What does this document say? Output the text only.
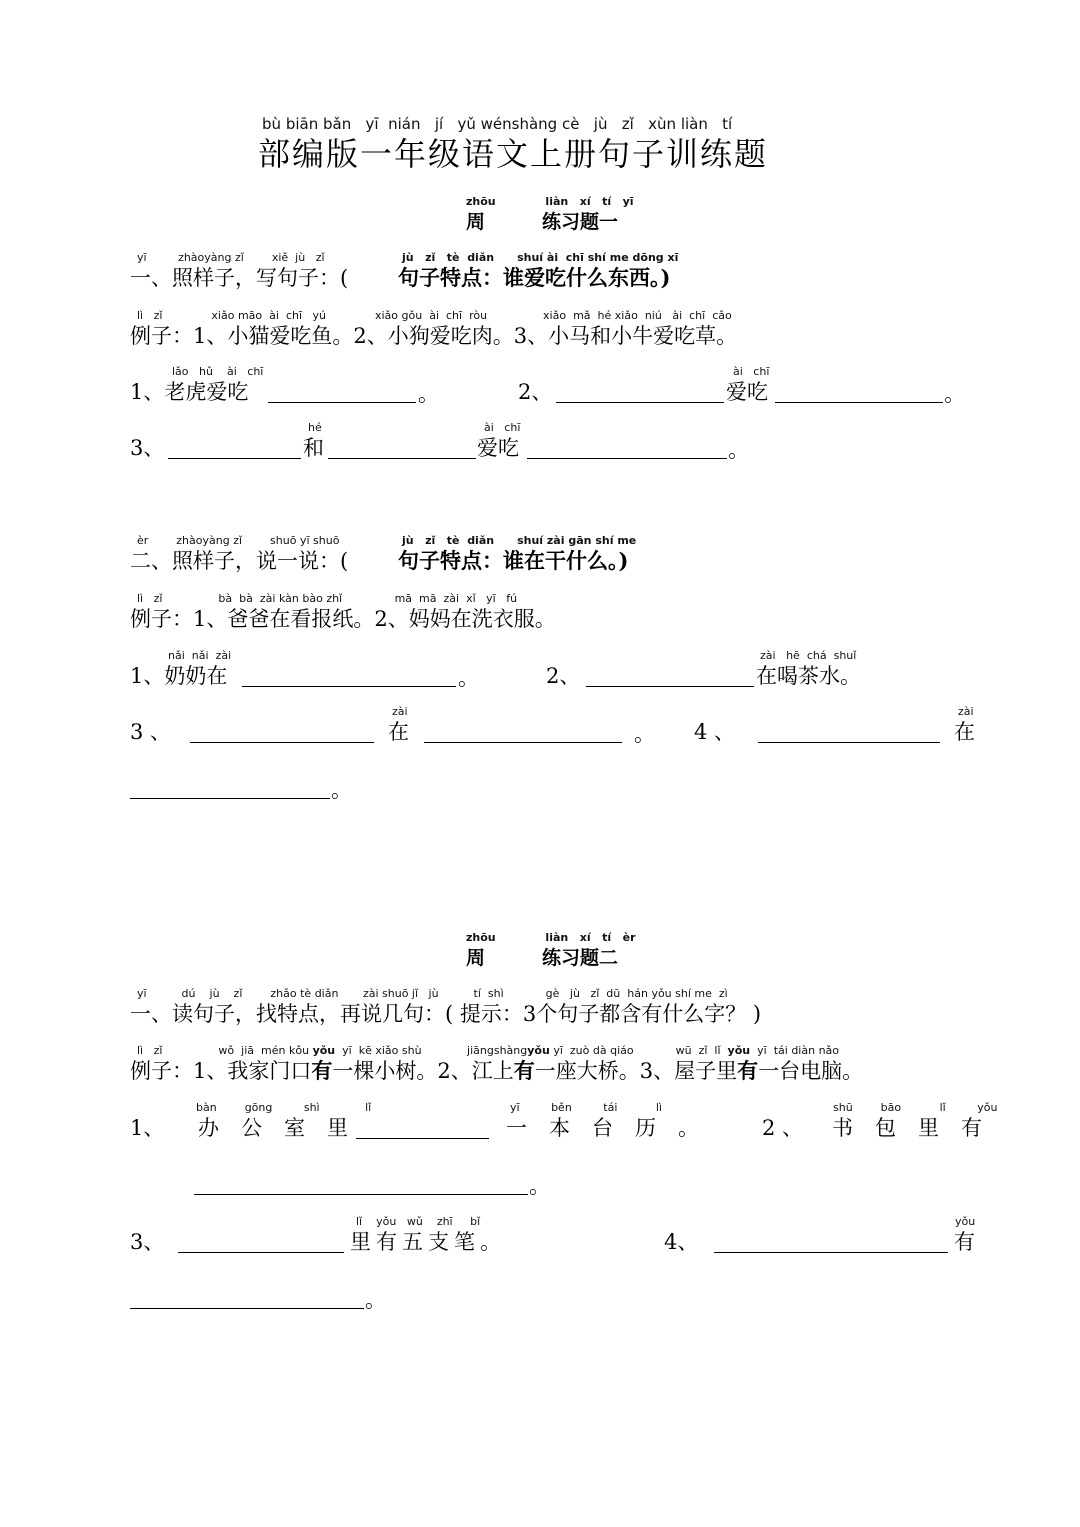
bù biān bǎn yī nián jí yǔ wénshàng cè jù zǐ xùn liàn tí
部编版一年级语文上册句子训练题
zhōu	liàn xí tí yī
周	练习题一
yī	zhàoyàng zǐ	xiě jù zǐ	jù zǐ tè diǎn shuí ài chī shí me dōng xī
一、照样子，写句子：( 句子特点：谁爱吃什么东西。)
lì zǐ	xiǎo māo ài chī yú	xiǎo gǒu ài chī ròu	xiǎo mǎ hé xiǎo niú ài chī cǎo
例子：1、小猫爱吃鱼。2、小狗爱吃肉。3、小马和小牛爱吃草。
lǎo hǔ ài chī
1、老虎爱吃	。	2、
ài chī
爱吃	。
3、
hé
和
ài chī
爱吃	。
èr	zhàoyàng zǐ	shuō yī shuō	jù zǐ tè diǎn shuí zài gān shí me
二、照样子，说一说：( 句子特点：谁在干什么。)
lì zǐ	bà bà zài kàn bào zhǐ	mā mā zài xǐ yī fú
例子：1、爸爸在看报纸。2、妈妈在洗衣服。
nǎi nǎi zài
1、奶奶在	。	2、
zài hē chá shuǐ
在喝茶水。
3 、
zài
在	。 4 、
zài
在
。
zhōu	liàn xí tí èr
周	练习题二
yī	dú jù zǐ	zhǎo tè diǎn zài shuō jǐ jù	tí shì	gè jù zǐ dū hán yǒu shí me zì
一、读句子，找特点，再说几句：( 提示：3个句子都含有什么字？ )
lì zǐ	wǒ jiā mén kǒu yǒu yī kē xiǎo shù	jiāngshàngyǒu yī zuò dà qiáo	wū zǐ lǐ yǒu yī tái diàn nǎo
例子：1、我家门口有一棵小树。2、江上有一座大桥。3、屋子里有一台电脑。
1、
bàn	gōng	shì	lǐ
办公室里
yī	běn	tái	lì
一本台历。 2 、
shū	bāo	lǐ	yǒu
书包里有
。
3、
lǐ yǒu wǔ zhī bǐ
里有五支笔。	4、
yǒu
有
。
